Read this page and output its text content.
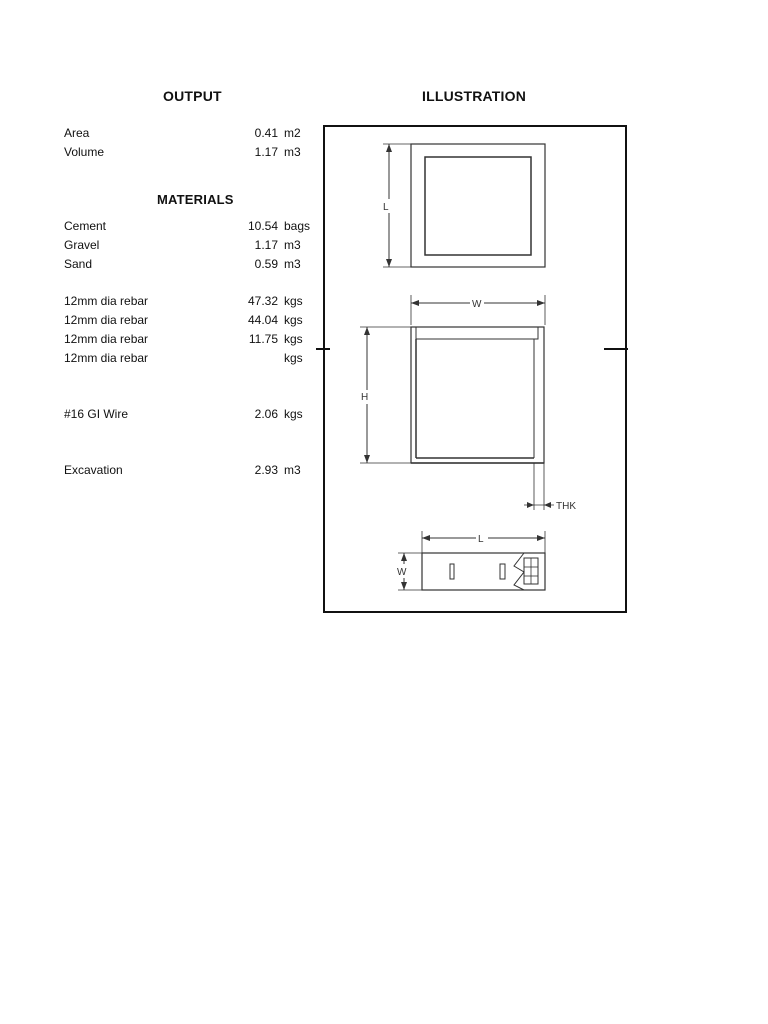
OUTPUT	ILLUSTRATION
MATERIALS
Area	0.41 m2
Volume	1.17 m3
Cement	10.54 bags
Gravel	1.17 m3
Sand	0.59 m3
12mm dia rebar	47.32 kgs
12mm dia rebar	44.04 kgs
12mm dia rebar	11.75 kgs
12mm dia rebar	kgs
#16 GI Wire	2.06 kgs
Excavation	2.93 m3
L
W
H
THK
L
W
